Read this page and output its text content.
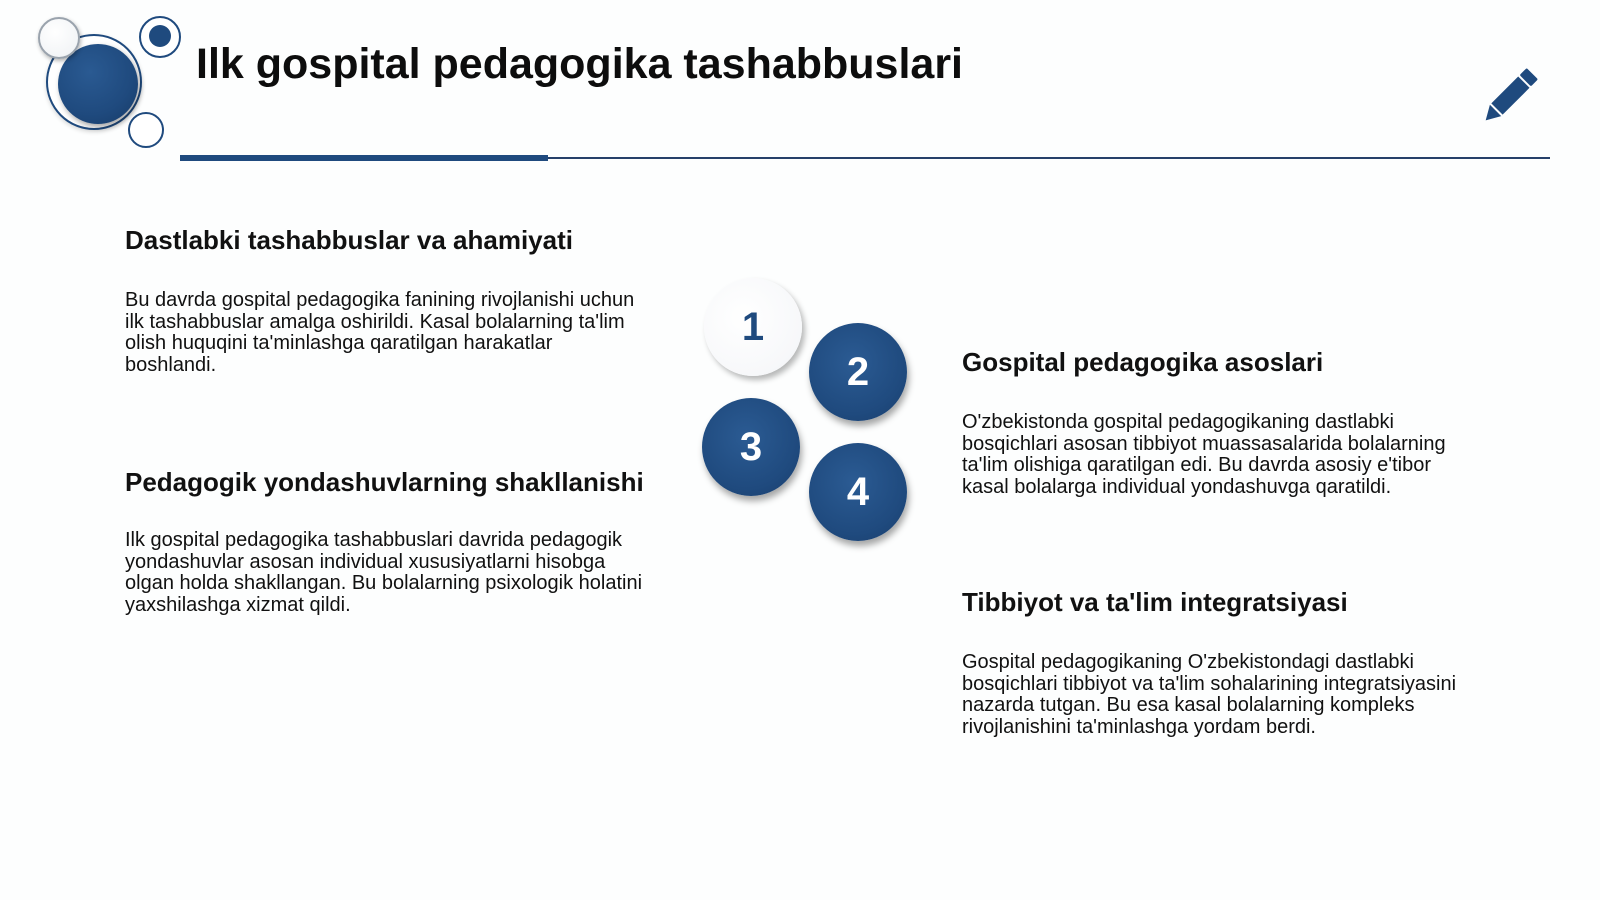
Ilk gospital pedagogika tashabbuslari
Dastlabki tashabbuslar va ahamiyati

Bu davrda gospital pedagogika fanining rivojlanishi uchun ilk tashabbuslar amalga oshirildi. Kasal bolalarning ta'lim olish huquqini ta'minlashga qaratilgan harakatlar boshlandi.

Pedagogik yondashuvlarning shakllanishi

Ilk gospital pedagogika tashabbuslari davrida pedagogik yondashuvlar asosan individual xususiyatlarni hisobga olgan holda shakllangan. Bu bolalarning psixologik holatini yaxshilashga xizmat qildi.

Gospital pedagogika asoslari

O'zbekistonda gospital pedagogikaning dastlabki bosqichlari asosan tibbiyot muassasalarida bolalarning ta'lim olishiga qaratilgan edi. Bu davrda asosiy e'tibor kasal bolalarga individual yondashuvga qaratildi.

Tibbiyot va ta'lim integratsiyasi

Gospital pedagogikaning O'zbekistondagi dastlabki bosqichlari tibbiyot va ta'lim sohalarining integratsiyasini nazarda tutgan. Bu esa kasal bolalarning kompleks rivojlanishini ta'minlashga yordam berdi.

1
2
3
4
